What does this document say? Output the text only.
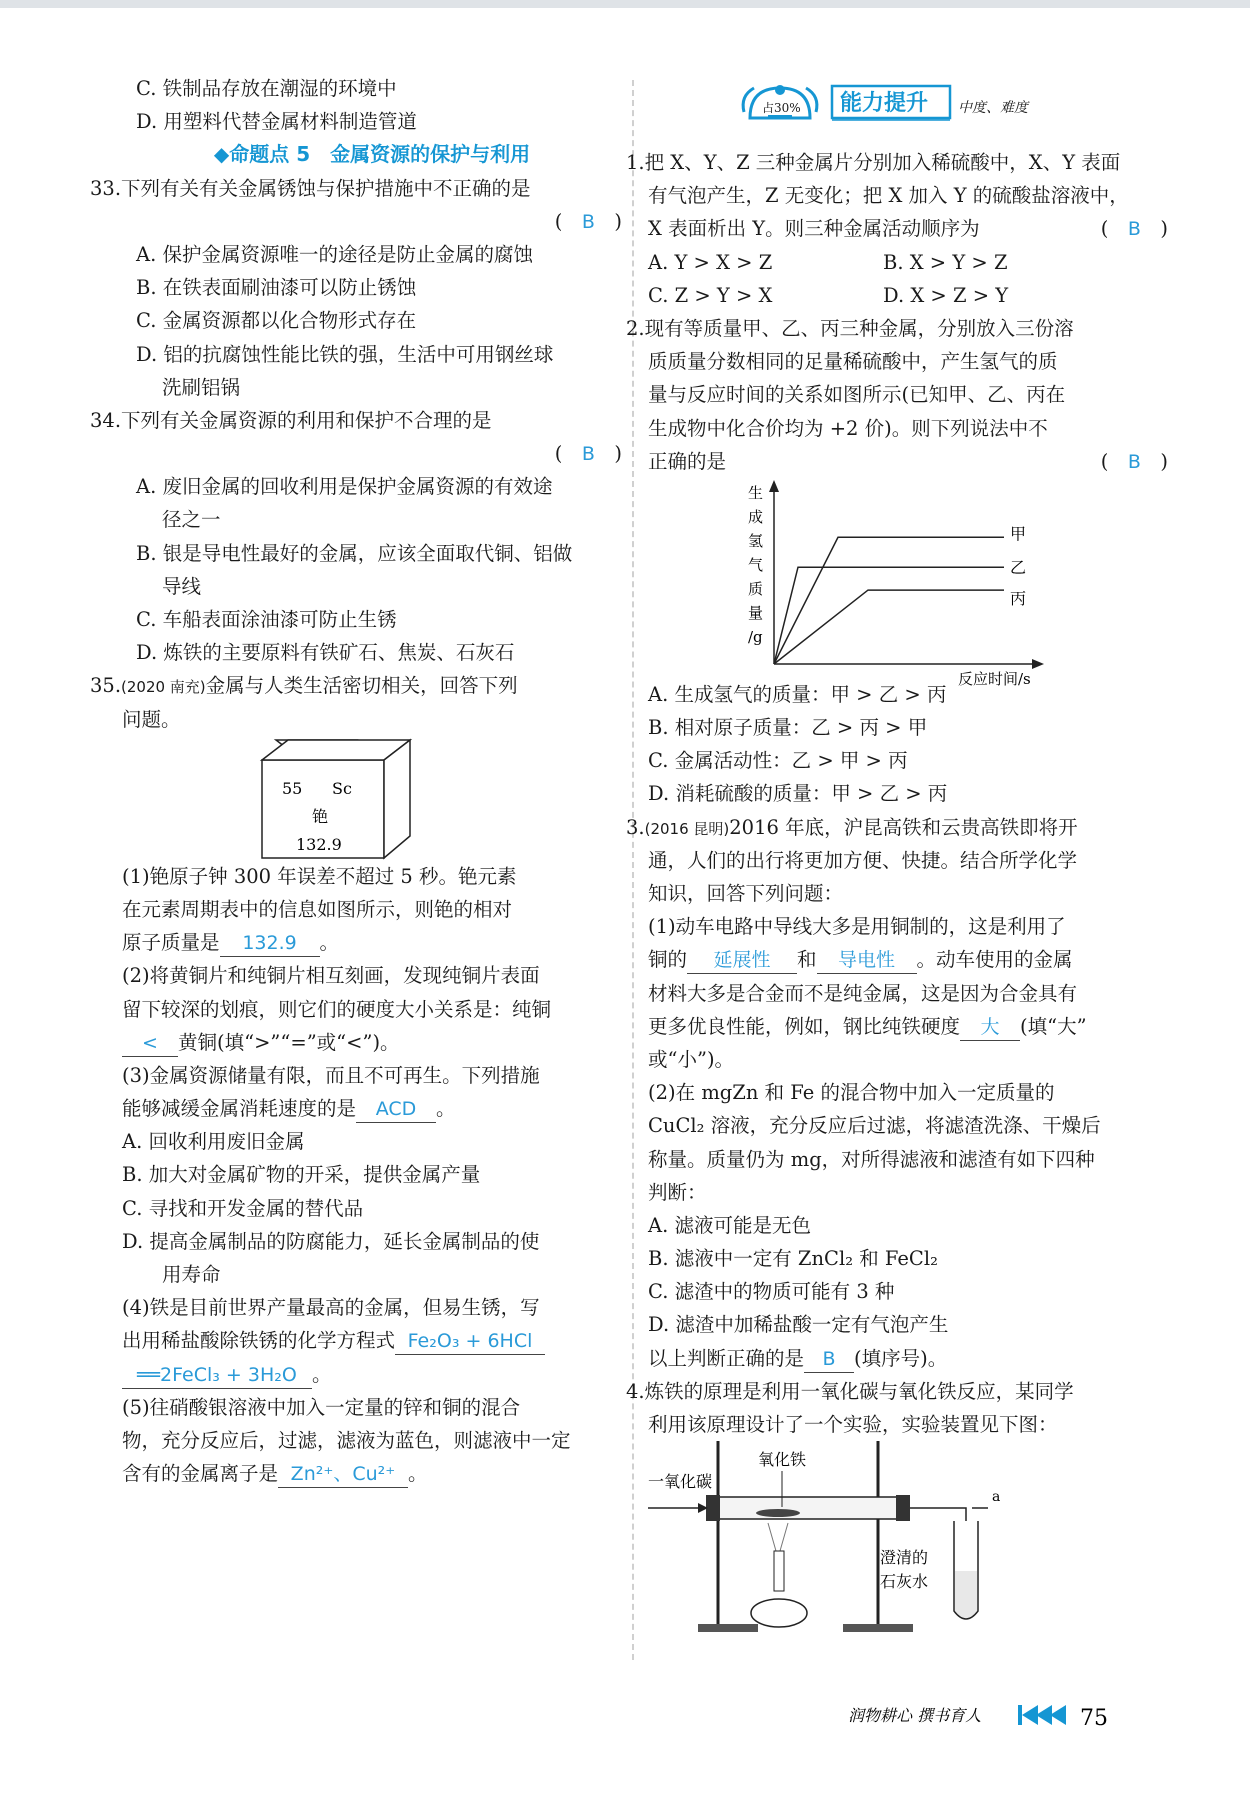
占30% 能力提升 中度、难度
C. 铁制品存放在潮湿的环境中
D. 用塑料代替金属材料制造管道
◆命题点 5　金属资源的保护与利用
33.下列有关有关金属锈蚀与保护措施中不正确的是
(　B　)
A. 保护金属资源唯一的途径是防止金属的腐蚀
B. 在铁表面刷油漆可以防止锈蚀
C. 金属资源都以化合物形式存在
D. 铝的抗腐蚀性能比铁的强，生活中可用钢丝球
洗刷铝锅
34.下列有关金属资源的利用和保护不合理的是
(　B　)
A. 废旧金属的回收利用是保护金属资源的有效途
径之一
B. 银是导电性最好的金属，应该全面取代铜、铝做
导线
C. 车船表面涂油漆可防止生锈
D. 炼铁的主要原料有铁矿石、焦炭、石灰石
35.(2020 南充)金属与人类生活密切相关，回答下列
问题。
55 Sc
铯
132.9
(1)铯原子钟 300 年误差不超过 5 秒。铯元素
在元素周期表中的信息如图所示，则铯的相对
原子质量是 132.9 。
(2)将黄铜片和纯铜片相互刻画，发现纯铜片表面
留下较深的划痕，则它们的硬度大小关系是：纯铜
< 黄铜(填“>”“=”或“<”)。
(3)金属资源储量有限，而且不可再生。下列措施
能够减缓金属消耗速度的是 ACD 。
A. 回收利用废旧金属
B. 加大对金属矿物的开采，提供金属产量
C. 寻找和开发金属的替代品
D. 提高金属制品的防腐能力，延长金属制品的使
用寿命
(4)铁是目前世界产量最高的金属，但易生锈，写
出用稀盐酸除铁锈的化学方程式 Fe₂O₃ + 6HCl
══2FeCl₃ + 3H₂O 。
(5)往硝酸银溶液中加入一定量的锌和铜的混合
物，充分反应后，过滤，滤液为蓝色，则滤液中一定
含有的金属离子是 Zn²⁺、Cu²⁺ 。
1.把 X、Y、Z 三种金属片分别加入稀硫酸中，X、Y 表面
有气泡产生，Z 无变化；把 X 加入 Y 的硫酸盐溶液中，
X 表面析出 Y。则三种金属活动顺序为	(　B　)
A. Y > X > Z	B. X > Y > Z
C. Z > Y > X	D. X > Z > Y
2.现有等质量甲、乙、丙三种金属，分别放入三份溶
质质量分数相同的足量稀硫酸中，产生氢气的质
量与反应时间的关系如图所示(已知甲、乙、丙在
生成物中化合价均为 +2 价)。则下列说法中不
正确的是	(　B　)
生
成
氢
气
质
量
/g
甲
乙
丙
反应时间/s
A. 生成氢气的质量：甲 > 乙 > 丙
B. 相对原子质量：乙 > 丙 > 甲
C. 金属活动性：乙 > 甲 > 丙
D. 消耗硫酸的质量：甲 > 乙 > 丙
3.(2016 昆明)2016 年底，沪昆高铁和云贵高铁即将开
通，人们的出行将更加方便、快捷。结合所学化学
知识，回答下列问题：
(1)动车电路中导线大多是用铜制的，这是利用了
铜的 延展性 和 导电性 。动车使用的金属
材料大多是合金而不是纯金属，这是因为合金具有
更多优良性能，例如，钢比纯铁硬度 大 (填“大”
或“小”)。
(2)在 mgZn 和 Fe 的混合物中加入一定质量的
CuCl₂ 溶液，充分反应后过滤，将滤渣洗涤、干燥后
称量。质量仍为 mg，对所得滤液和滤渣有如下四种
判断：
A. 滤液可能是无色
B. 滤液中一定有 ZnCl₂ 和 FeCl₂
C. 滤渣中的物质可能有 3 种
D. 滤渣中加稀盐酸一定有气泡产生
以上判断正确的是 B (填序号)。
4.炼铁的原理是利用一氧化碳与氧化铁反应，某同学
利用该原理设计了一个实验，实验装置见下图：
一氧化碳
氧化铁
a
澄清的
石灰水
润物耕心 撰书育人	75
